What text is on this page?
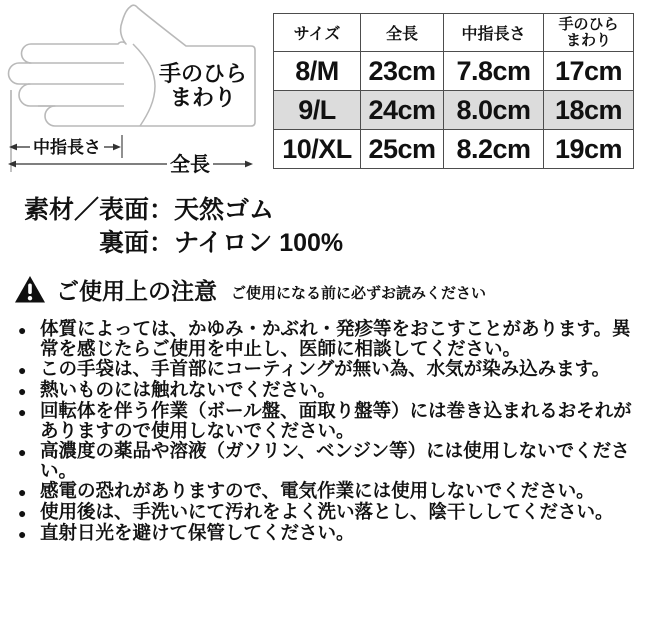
手のひら
まわり
中指長さ
全長
サイズ	全長	中指長さ	手のひら
まわり

8/M	23cm	7.8cm	17cm
9/L	24cm	8.0cm	18cm
10/XL	25cm	8.2cm	19cm
素材／表面：天然ゴム
裏面：ナイロン 100%
ご使用上の注意 ご使用になる前に必ずお読みください
● 体質によっては、かゆみ・かぶれ・発疹等をおこすことがあります。異常を感じたらご使用を中止し、医師に相談してください。
● この手袋は、手首部にコーティングが無い為、水気が染み込みます。
● 熱いものには触れないでください。
● 回転体を伴う作業（ボール盤、面取り盤等）には巻き込まれるおそれがありますので使用しないでください。
● 高濃度の薬品や溶液（ガソリン、ベンジン等）には使用しないでください。
● 感電の恐れがありますので、電気作業には使用しないでください。
● 使用後は、手洗いにて汚れをよく洗い落とし、陰干ししてください。
● 直射日光を避けて保管してください。
